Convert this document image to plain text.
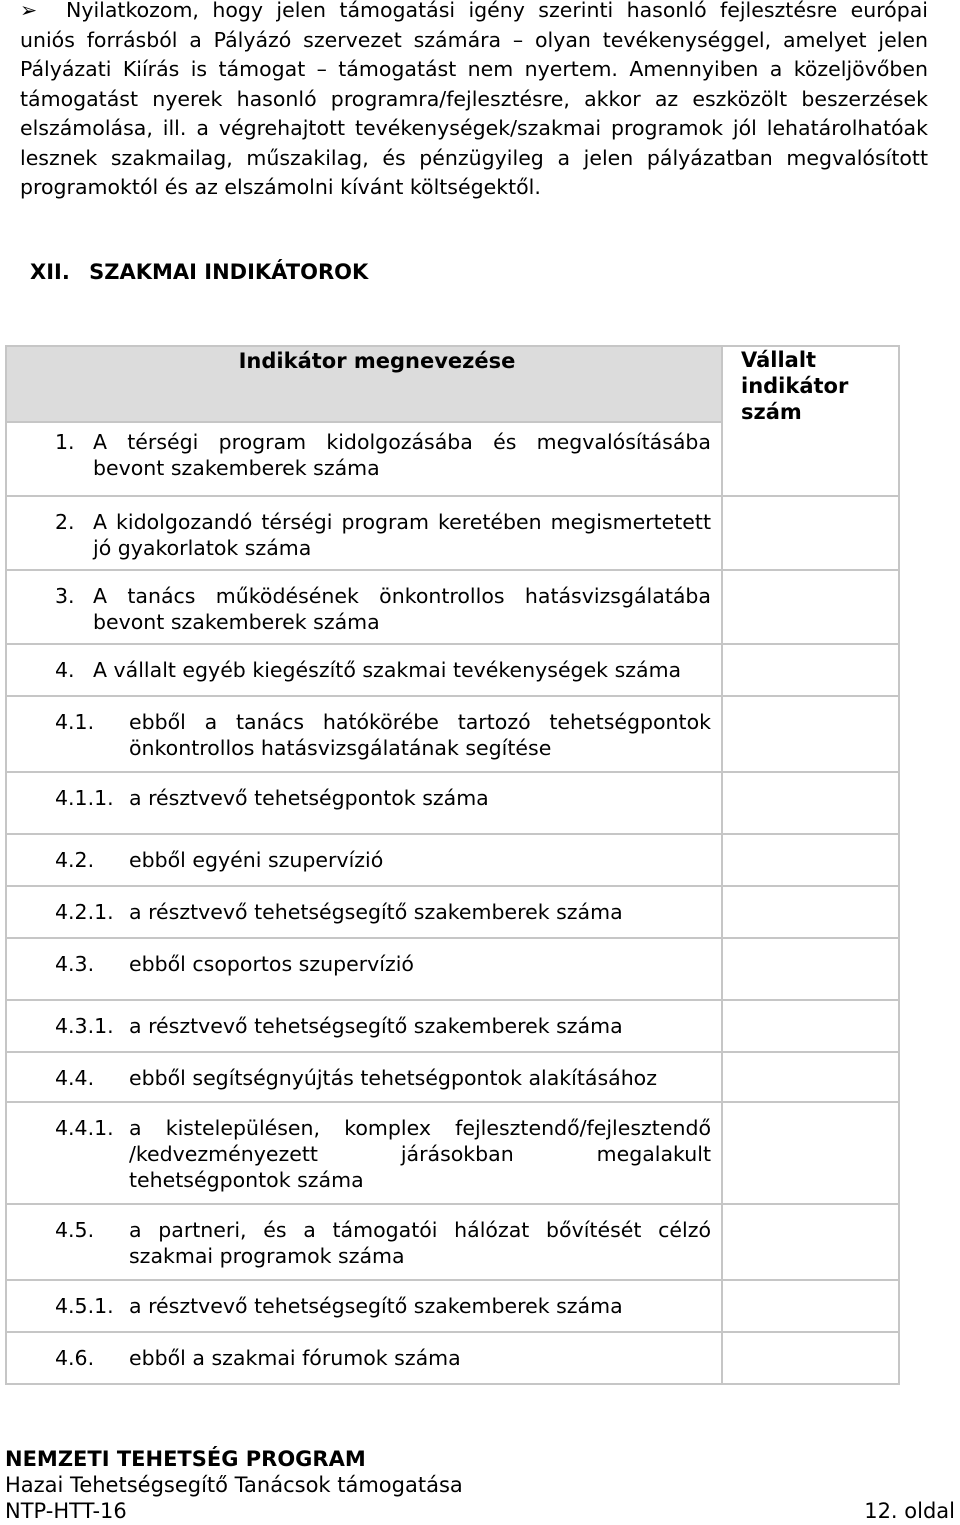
➢ Nyilatkozom, hogy jelen támogatási igény szerinti hasonló fejlesztésre európai uniós forrásból a Pályázó szervezet számára – olyan tevékenységgel, amelyet jelen Pályázati Kiírás is támogat – támogatást nem nyertem. Amennyiben a közeljövőben támogatást nyerek hasonló programra/fejlesztésre, akkor az eszközölt beszerzések elszámolása, ill. a végrehajtott tevékenységek/szakmai programok jól lehatárolhatóak lesznek szakmailag, műszakilag, és pénzügyileg a jelen pályázatban megvalósított programoktól és az elszámolni kívánt költségektől.
XII. SZAKMAI INDIKÁTOROK
Indikátor megnevezése	Vállalt indikátor szám

1. A térségi program kidolgozásába és megvalósításába bevont szakemberek száma	

2. A kidolgozandó térségi program keretében megismertetett jó gyakorlatok száma	

3. A tanács működésének önkontrollos hatásvizsgálatába bevont szakemberek száma	

4. A vállalt egyéb kiegészítő szakmai tevékenységek száma	

4.1. ebből a tanács hatókörébe tartozó tehetségpontok önkontrollos hatásvizsgálatának segítése	

4.1.1. a résztvevő tehetségpontok száma	

4.2. ebből egyéni szupervízió	

4.2.1. a résztvevő tehetségsegítő szakemberek száma	

4.3. ebből csoportos szupervízió	

4.3.1. a résztvevő tehetségsegítő szakemberek száma	

4.4. ebből segítségnyújtás tehetségpontok alakításához	

4.4.1. a kistelepülésen, komplex fejlesztendő/fejlesztendő /kedvezményezett járásokban megalakult tehetségpontok száma	

4.5. a partneri, és a támogatói hálózat bővítését célzó szakmai programok száma	

4.5.1. a résztvevő tehetségsegítő szakemberek száma	

4.6. ebből a szakmai fórumok száma	

NEMZETI TEHETSÉG PROGRAM
Hazai Tehetségsegítő Tanácsok támogatása
NTP-HTT-16	12. oldal
